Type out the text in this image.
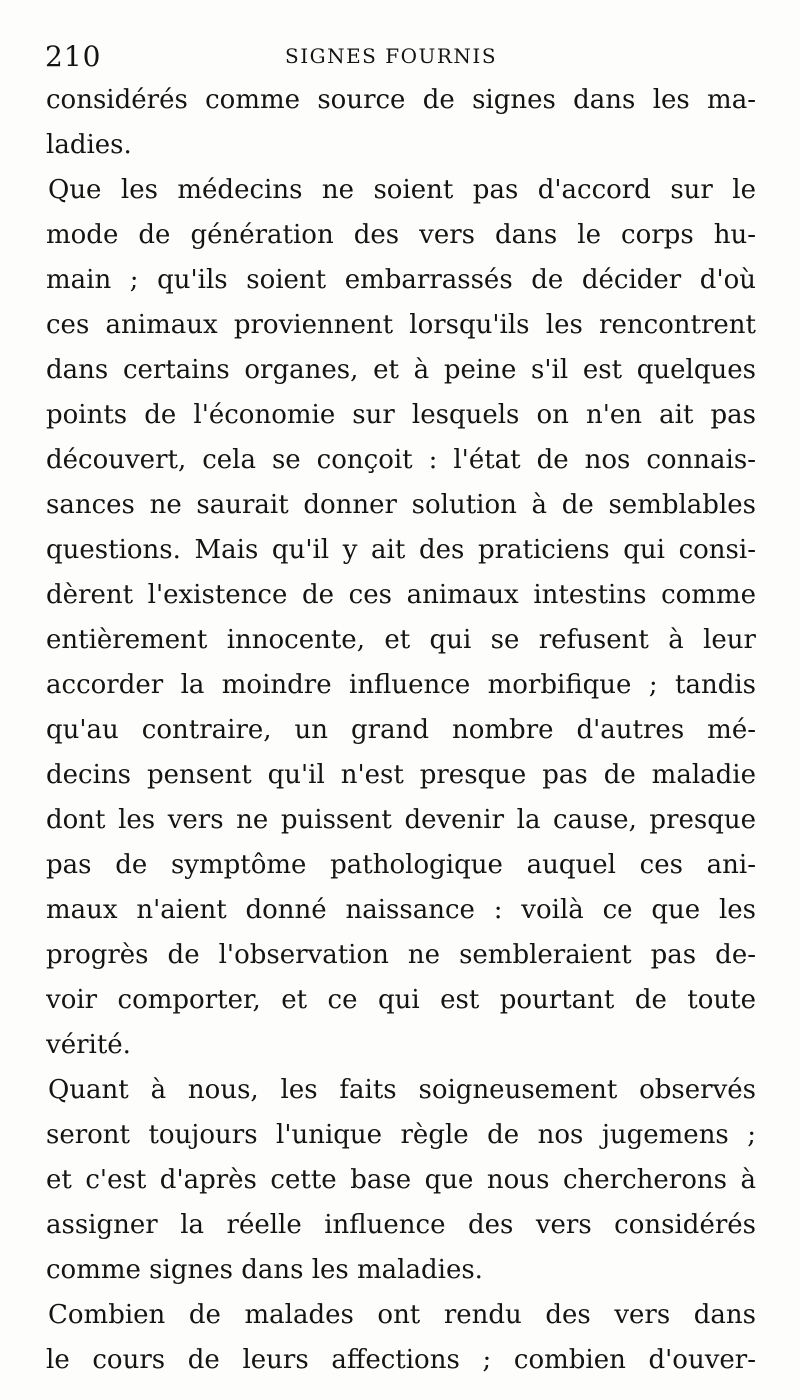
210	SIGNES FOURNIS
considérés comme source de signes dans les ma-
ladies.
Que les médecins ne soient pas d'accord sur le
mode de génération des vers dans le corps hu-
main ; qu'ils soient embarrassés de décider d'où
ces animaux proviennent lorsqu'ils les rencontrent
dans certains organes, et à peine s'il est quelques
points de l'économie sur lesquels on n'en ait pas
découvert, cela se conçoit : l'état de nos connais-
sances ne saurait donner solution à de semblables
questions. Mais qu'il y ait des praticiens qui consi-
dèrent l'existence de ces animaux intestins comme
entièrement innocente, et qui se refusent à leur
accorder la moindre influence morbifique ; tandis
qu'au contraire, un grand nombre d'autres mé-
decins pensent qu'il n'est presque pas de maladie
dont les vers ne puissent devenir la cause, presque
pas de symptôme pathologique auquel ces ani-
maux n'aient donné naissance : voilà ce que les
progrès de l'observation ne sembleraient pas de-
voir comporter, et ce qui est pourtant de toute
vérité.
Quant à nous, les faits soigneusement observés
seront toujours l'unique règle de nos jugemens ;
et c'est d'après cette base que nous chercherons à
assigner la réelle influence des vers considérés
comme signes dans les maladies.
Combien de malades ont rendu des vers dans
le cours de leurs affections ; combien d'ouver-
